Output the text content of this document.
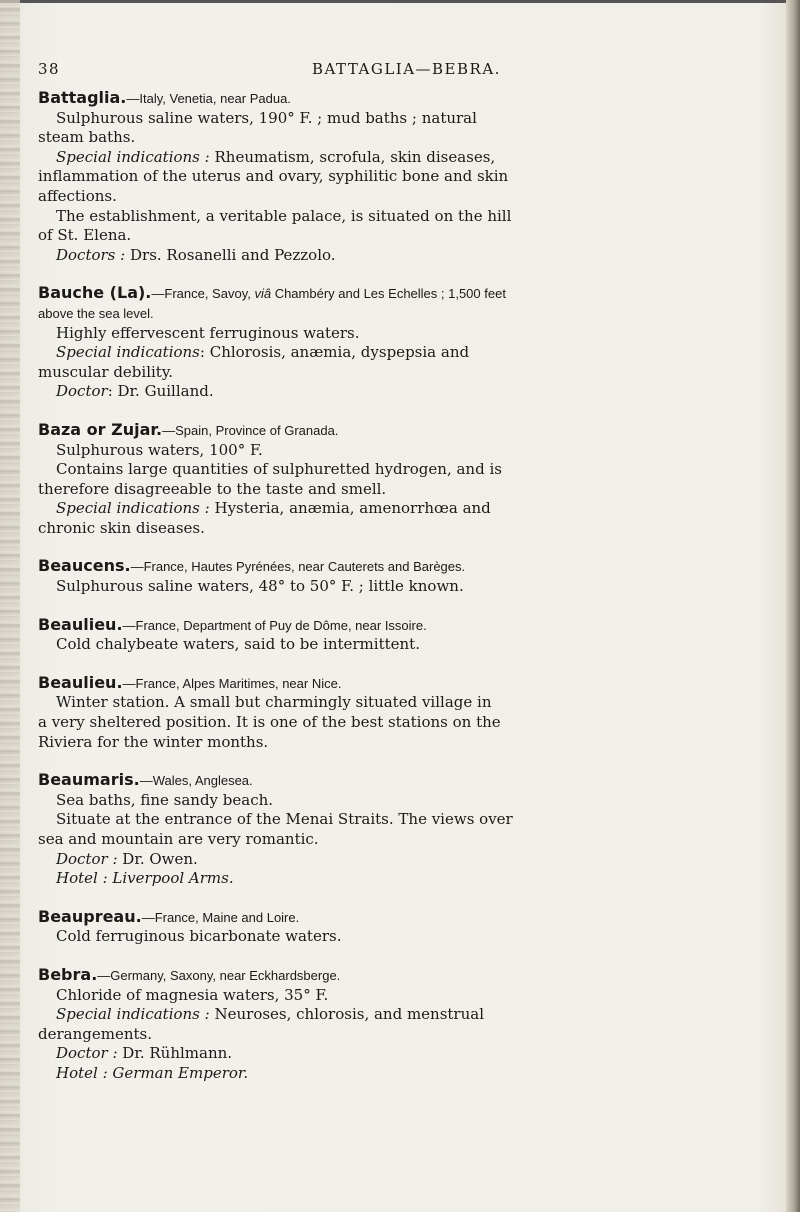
38	BATTAGLIA—BEBRA.

Battaglia.—Italy, Venetia, near Padua.

Sulphurous saline waters, 190° F. ; mud baths ; natural

steam baths.

Special indications : Rheumatism, scrofula, skin diseases,

inflammation of the uterus and ovary, syphilitic bone and skin

affections.

The establishment, a veritable palace, is situated on the hill

of St. Elena.

Doctors : Drs. Rosanelli and Pezzolo.

Bauche (La).—France, Savoy, viâ Chambéry and Les Echelles ; 1,500 feet

above the sea level.

Highly effervescent ferruginous waters.

Special indications: Chlorosis, anæmia, dyspepsia and

muscular debility.

Doctor: Dr. Guilland.

Baza or Zujar.—Spain, Province of Granada.

Sulphurous waters, 100° F.

Contains large quantities of sulphuretted hydrogen, and is

therefore disagreeable to the taste and smell.

Special indications : Hysteria, anæmia, amenorrhœa and

chronic skin diseases.

Beaucens.—France, Hautes Pyrénées, near Cauterets and Barèges.

Sulphurous saline waters, 48° to 50° F. ; little known.

Beaulieu.—France, Department of Puy de Dôme, near Issoire.

Cold chalybeate waters, said to be intermittent.

Beaulieu.—France, Alpes Maritimes, near Nice.

Winter station. A small but charmingly situated village in

a very sheltered position. It is one of the best stations on the

Riviera for the winter months.

Beaumaris.—Wales, Anglesea.

Sea baths, fine sandy beach.

Situate at the entrance of the Menai Straits. The views over

sea and mountain are very romantic.

Doctor : Dr. Owen.

Hotel : Liverpool Arms.

Beaupreau.—France, Maine and Loire.

Cold ferruginous bicarbonate waters.

Bebra.—Germany, Saxony, near Eckhardsberge.

Chloride of magnesia waters, 35° F.

Special indications : Neuroses, chlorosis, and menstrual

derangements.

Doctor : Dr. Rühlmann.

Hotel : German Emperor.
